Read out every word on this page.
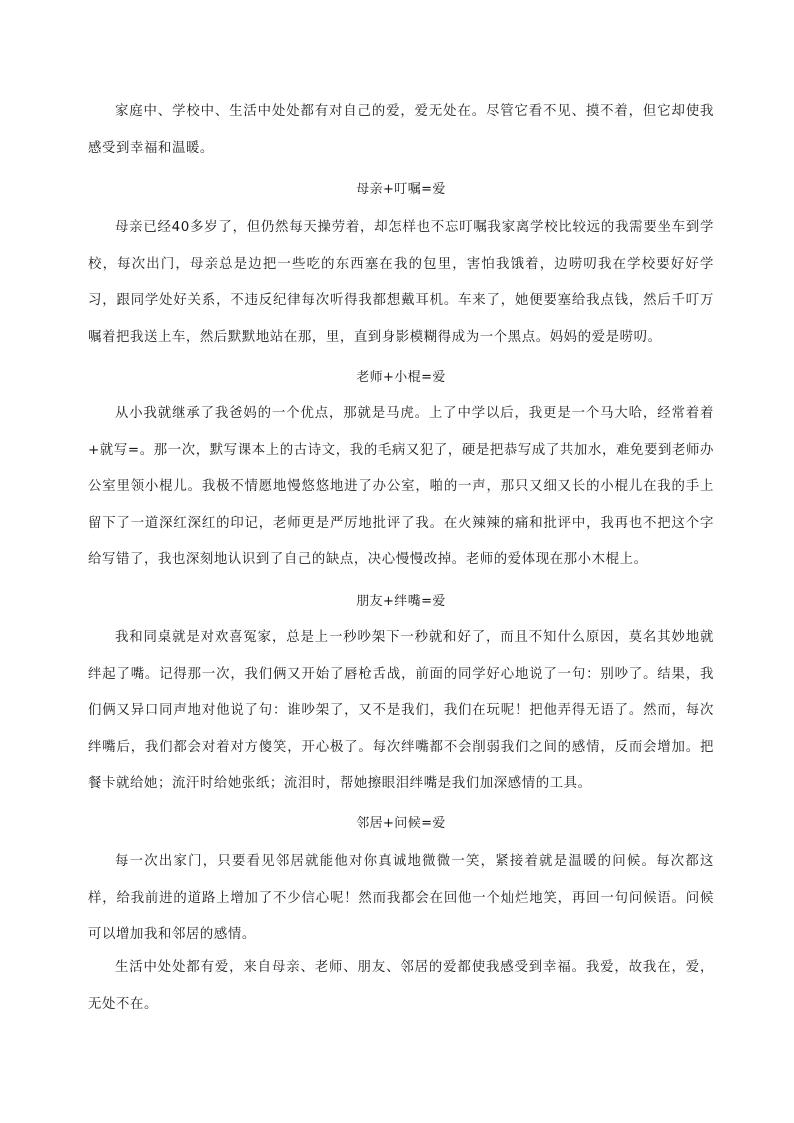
家庭中、学校中、生活中处处都有对自己的爱，爱无处在。尽管它看不见、摸不着，但它却使我感受到幸福和温暖。

母亲+叮嘱=爱

母亲已经40多岁了，但仍然每天操劳着，却怎样也不忘叮嘱我家离学校比较远的我需要坐车到学校，每次出门，母亲总是边把一些吃的东西塞在我的包里，害怕我饿着，边唠叨我在学校要好好学习，跟同学处好关系，不违反纪律每次听得我都想戴耳机。车来了，她便要塞给我点钱，然后千叮万嘱着把我送上车，然后默默地站在那，里，直到身影模糊得成为一个黑点。妈妈的爱是唠叨。

老师+小棍=爱

从小我就继承了我爸妈的一个优点，那就是马虎。上了中学以后，我更是一个马大哈，经常着着+就写=。那一次，默写课本上的古诗文，我的毛病又犯了，硬是把恭写成了共加水，难免要到老师办公室里领小棍儿。我极不情愿地慢悠悠地进了办公室，啪的一声，那只又细又长的小棍儿在我的手上留下了一道深红深红的印记，老师更是严厉地批评了我。在火辣辣的痛和批评中，我再也不把这个字给写错了，我也深刻地认识到了自己的缺点，决心慢慢改掉。老师的爱体现在那小木棍上。

朋友+绊嘴=爱

我和同桌就是对欢喜冤家，总是上一秒吵架下一秒就和好了，而且不知什么原因，莫名其妙地就绊起了嘴。记得那一次，我们俩又开始了唇枪舌战，前面的同学好心地说了一句：别吵了。结果，我们俩又异口同声地对他说了句：谁吵架了，又不是我们，我们在玩呢！把他弄得无语了。然而，每次绊嘴后，我们都会对着对方傻笑，开心极了。每次绊嘴都不会削弱我们之间的感情，反而会增加。把餐卡就给她；流汗时给她张纸；流泪时，帮她擦眼泪绊嘴是我们加深感情的工具。

邻居+问候=爱

每一次出家门，只要看见邻居就能他对你真诚地微微一笑，紧接着就是温暖的问候。每次都这样，给我前进的道路上增加了不少信心呢！然而我都会在回他一个灿烂地笑，再回一句问候语。问候可以增加我和邻居的感情。

生活中处处都有爱，来自母亲、老师、朋友、邻居的爱都使我感受到幸福。我爱，故我在，爱，无处不在。
